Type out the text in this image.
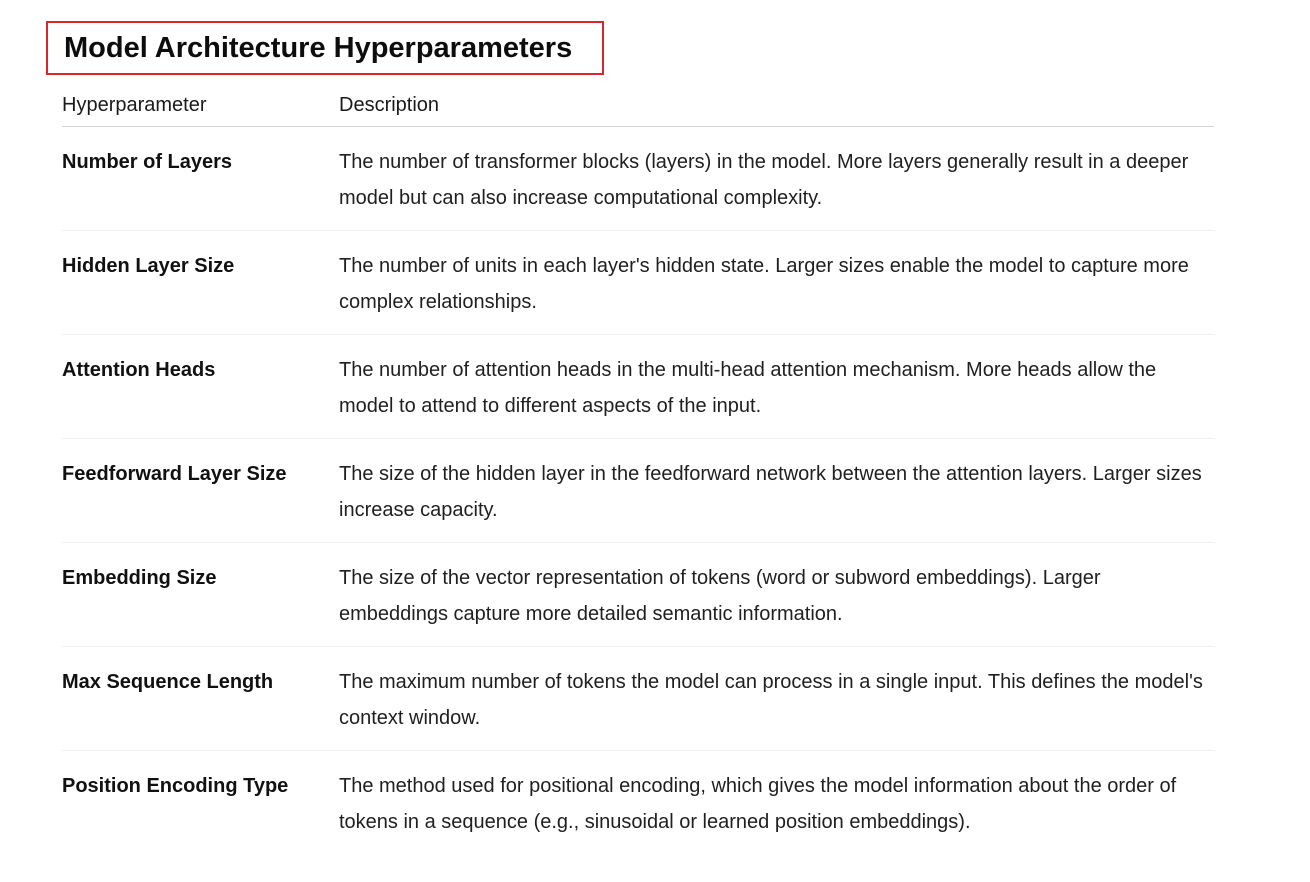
Model Architecture Hyperparameters
Hyperparameter	Description

Number of Layers	The number of transformer blocks (layers) in the model. More layers generally result in a deeper model but can also increase computational complexity.

Hidden Layer Size	The number of units in each layer's hidden state. Larger sizes enable the model to capture more complex relationships.

Attention Heads	The number of attention heads in the multi-head attention mechanism. More heads allow the model to attend to different aspects of the input.

Feedforward Layer Size	The size of the hidden layer in the feedforward network between the attention layers. Larger sizes increase capacity.

Embedding Size	The size of the vector representation of tokens (word or subword embeddings). Larger embeddings capture more detailed semantic information.

Max Sequence Length	The maximum number of tokens the model can process in a single input. This defines the model's context window.

Position Encoding Type	The method used for positional encoding, which gives the model information about the order of tokens in a sequence (e.g., sinusoidal or learned position embeddings).
